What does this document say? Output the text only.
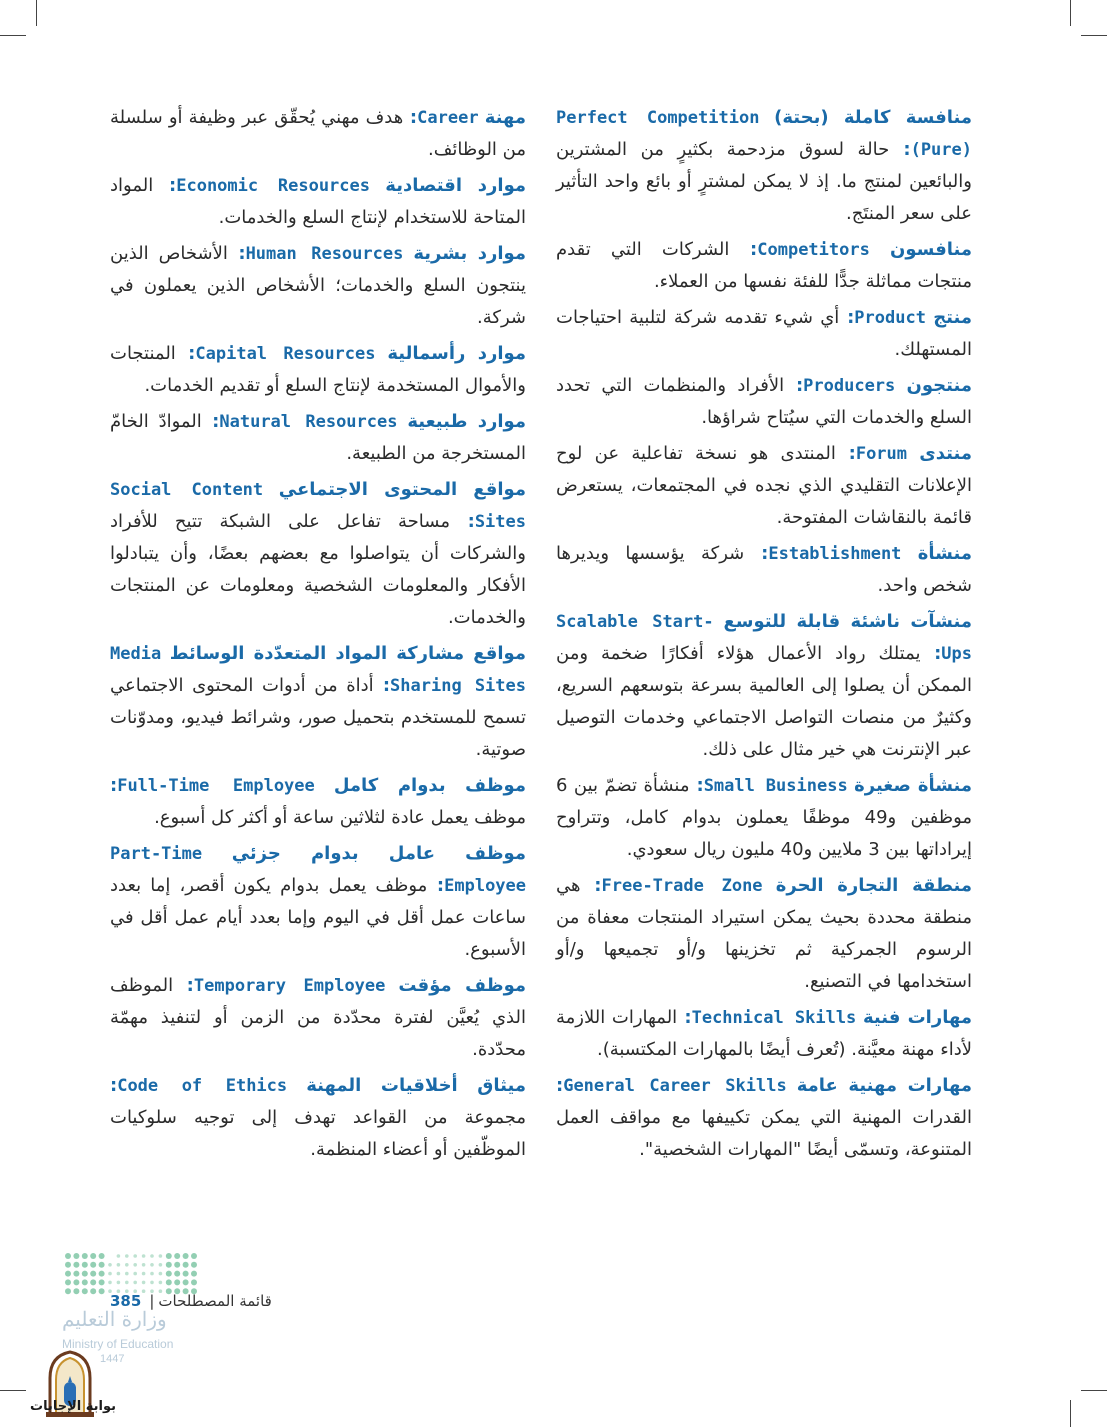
منافسة كاملة (بحتة) Perfect Competition (Pure): حالة لسوق مزدحمة بكثيرٍ من المشترين والبائعين لمنتج ما. إذ لا يمكن لمشترٍ أو بائع واحد التأثير على سعر المنتَج.

منافسون Competitors: الشركات التي تقدم منتجات مماثلة جدًّا للفئة نفسها من العملاء.

منتج Product: أي شيء تقدمه شركة لتلبية احتياجات المستهلك.

منتجون Producers: الأفراد والمنظمات التي تحدد السلع والخدمات التي سيُتاح شراؤها.

منتدى Forum: المنتدى هو نسخة تفاعلية عن لوح الإعلانات التقليدي الذي نجده في المجتمعات، يستعرض قائمة بالنقاشات المفتوحة.

منشأة Establishment: شركة يؤسسها ويديرها شخص واحد.

منشآت ناشئة قابلة للتوسع Scalable Start-Ups: يمتلك رواد الأعمال هؤلاء أفكارًا ضخمة ومن الممكن أن يصلوا إلى العالمية بسرعة بتوسعهم السريع، وكثيرٌ من منصات التواصل الاجتماعي وخدمات التوصيل عبر الإنترنت هي خير مثال على ذلك.

منشأة صغيرة Small Business: منشأة تضمّ بين 6 موظفين و49 موظفًا يعملون بدوام كامل، وتتراوح إيراداتها بين 3 ملايين و40 مليون ريال سعودي.

منطقة التجارة الحرة Free-Trade Zone: هي منطقة محددة بحيث يمكن استيراد المنتجات معفاة من الرسوم الجمركية ثم تخزينها و/أو تجميعها و/أو استخدامها في التصنيع.

مهارات فنية Technical Skills: المهارات اللازمة لأداء مهنة معيَّنة. (تُعرف أيضًا بالمهارات المكتسبة).

مهارات مهنية عامة General Career Skills: القدرات المهنية التي يمكن تكييفها مع مواقف العمل المتنوعة، وتسمّى أيضًا "المهارات الشخصية".

مهنة Career: هدف مهني يُحقّق عبر وظيفة أو سلسلة من الوظائف.

موارد اقتصادية Economic Resources: المواد المتاحة للاستخدام لإنتاج السلع والخدمات.

موارد بشرية Human Resources: الأشخاص الذين ينتجون السلع والخدمات؛ الأشخاص الذين يعملون في شركة.

موارد رأسمالية Capital Resources: المنتجات والأموال المستخدمة لإنتاج السلع أو تقديم الخدمات.

موارد طبيعية Natural Resources: الموادّ الخامّ المستخرجة من الطبيعة.

مواقع المحتوى الاجتماعي Social Content Sites: مساحة تفاعل على الشبكة تتيح للأفراد والشركات أن يتواصلوا مع بعضهم بعضًا، وأن يتبادلوا الأفكار والمعلومات الشخصية ومعلومات عن المنتجات والخدمات.

مواقع مشاركة المواد المتعدّدة الوسائط Media Sharing Sites: أداة من أدوات المحتوى الاجتماعي تسمح للمستخدم بتحميل صور، وشرائط فيديو، ومدوّنات صوتية.

موظف بدوام كامل Full-Time Employee: موظف يعمل عادة لثلاثين ساعة أو أكثر كل أسبوع.

موظف عامل بدوام جزئي Part-Time Employee: موظف يعمل بدوام يكون أقصر، إما بعدد ساعات عمل أقل في اليوم وإما بعدد أيام عمل أقل في الأسبوع.

موظف مؤقت Temporary Employee: الموظف الذي يُعيَّن لفترة محدّدة من الزمن أو لتنفيذ مهمّة محدّدة.

ميثاق أخلاقيات المهنة Code of Ethics: مجموعة من القواعد تهدف إلى توجيه سلوكيات الموظّفين أو أعضاء المنظمة.

قائمة المصطلحات|385
وزارة التعليم
Ministry of Education
1447
بوابة الإجابات
